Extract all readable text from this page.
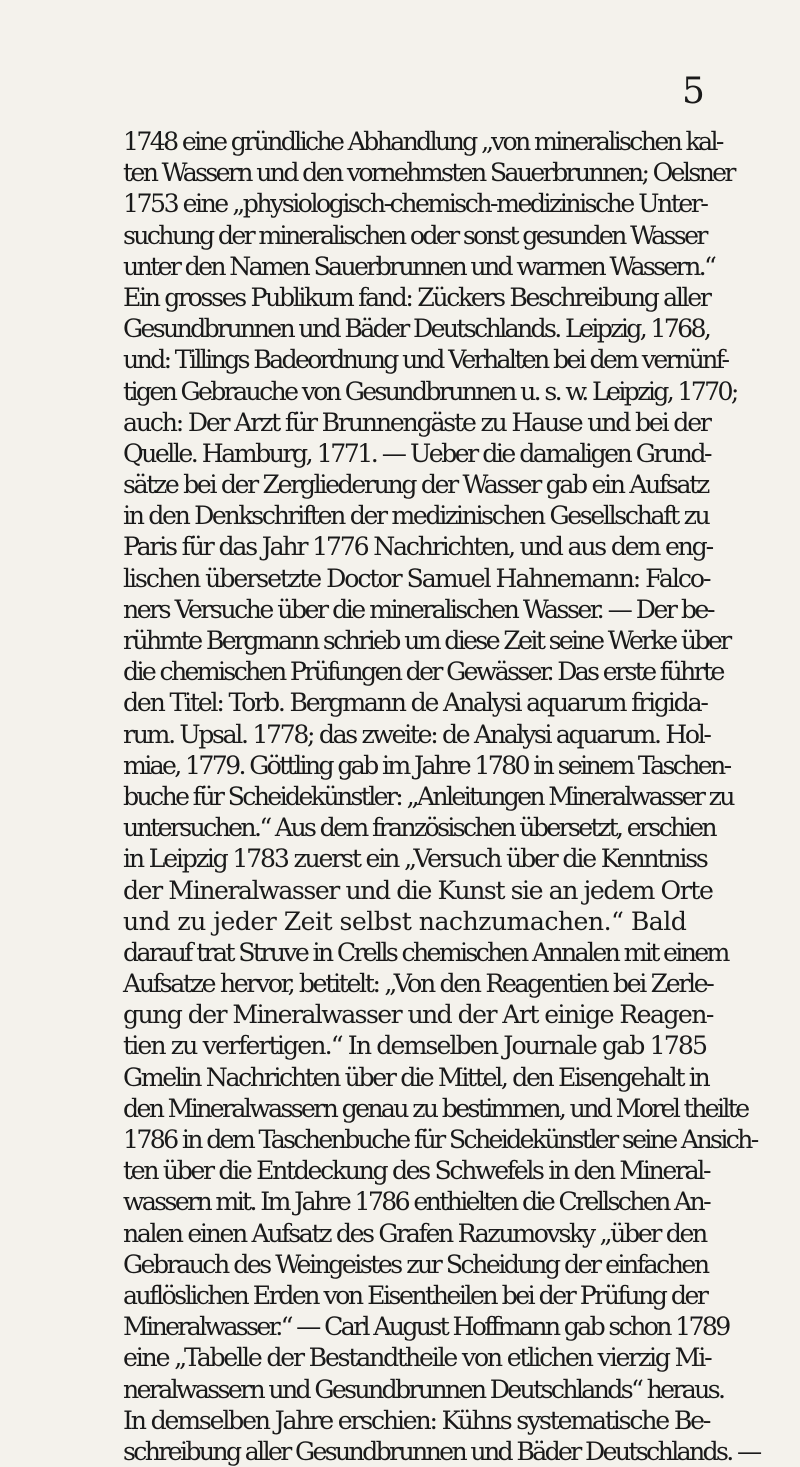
5
1748 eine gründliche Abhandlung „von mineralischen kal-
ten Wassern und den vornehmsten Sauerbrunnen; Oelsner
1753 eine „physiologisch-chemisch-medizinische Unter-
suchung der mineralischen oder sonst gesunden Wasser
unter den Namen Sauerbrunnen und warmen Wassern.“
Ein grosses Publikum fand: Zückers Beschreibung aller
Gesundbrunnen und Bäder Deutschlands. Leipzig, 1768,
und: Tillings Badeordnung und Verhalten bei dem vernünf-
tigen Gebrauche von Gesundbrunnen u. s. w. Leipzig, 1770;
auch: Der Arzt für Brunnengäste zu Hause und bei der
Quelle. Hamburg, 1771. — Ueber die damaligen Grund-
sätze bei der Zergliederung der Wasser gab ein Aufsatz
in den Denkschriften der medizinischen Gesellschaft zu
Paris für das Jahr 1776 Nachrichten, und aus dem eng-
lischen übersetzte Doctor Samuel Hahnemann: Falco-
ners Versuche über die mineralischen Wasser. — Der be-
rühmte Bergmann schrieb um diese Zeit seine Werke über
die chemischen Prüfungen der Gewässer. Das erste führte
den Titel: Torb. Bergmann de Analysi aquarum frigida-
rum. Upsal. 1778; das zweite: de Analysi aquarum. Hol-
miae, 1779. Göttling gab im Jahre 1780 in seinem Taschen-
buche für Scheidekünstler: „Anleitungen Mineralwasser zu
untersuchen.“ Aus dem französischen übersetzt, erschien
in Leipzig 1783 zuerst ein „Versuch über die Kenntniss
der Mineralwasser und die Kunst sie an jedem Orte
und zu jeder Zeit selbst nachzumachen.“ Bald
darauf trat Struve in Crells chemischen Annalen mit einem
Aufsatze hervor, betitelt: „Von den Reagentien bei Zerle-
gung der Mineralwasser und der Art einige Reagen-
tien zu verfertigen.“ In demselben Journale gab 1785
Gmelin Nachrichten über die Mittel, den Eisengehalt in
den Mineralwassern genau zu bestimmen, und Morel theilte
1786 in dem Taschenbuche für Scheidekünstler seine Ansich-
ten über die Entdeckung des Schwefels in den Mineral-
wassern mit. Im Jahre 1786 enthielten die Crellschen An-
nalen einen Aufsatz des Grafen Razumovsky „über den
Gebrauch des Weingeistes zur Scheidung der einfachen
auflöslichen Erden von Eisentheilen bei der Prüfung der
Mineralwasser.“ — Carl August Hoffmann gab schon 1789
eine „Tabelle der Bestandtheile von etlichen vierzig Mi-
neralwassern und Gesundbrunnen Deutschlands“ heraus.
In demselben Jahre erschien: Kühns systematische Be-
schreibung aller Gesundbrunnen und Bäder Deutschlands. —
